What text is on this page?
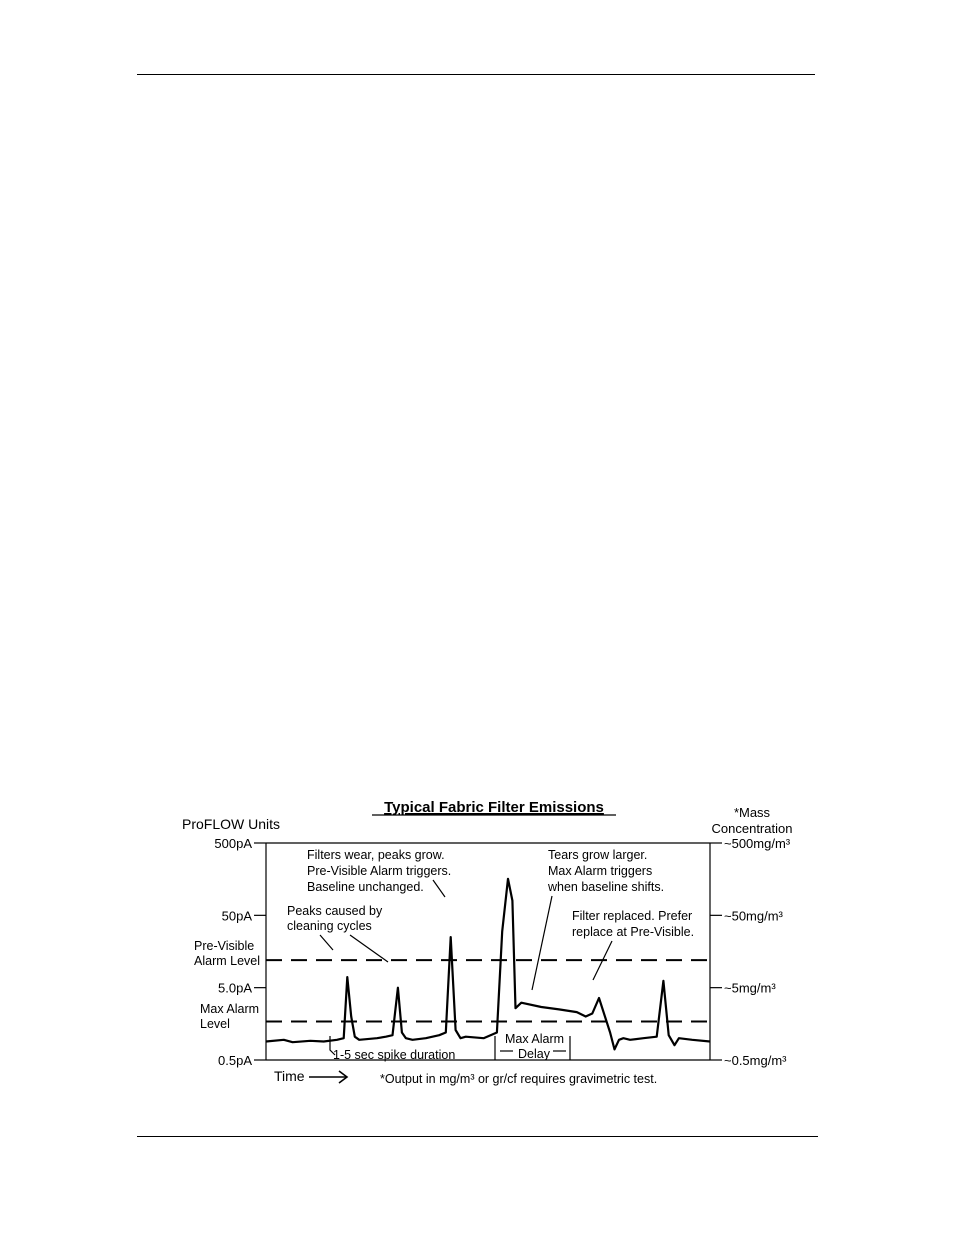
Typical Fabric Filter Emissions
ProFLOW Units
*Mass
Concentration
500pA
50pA
5.0pA
0.5pA
~500mg/m³
~50mg/m³
~5mg/m³
~0.5mg/m³
Pre-Visible
Alarm Level
Max Alarm
Level
Peaks caused by
cleaning cycles
Filters wear, peaks grow.
Pre-Visible Alarm triggers.
Baseline unchanged.
Tears grow larger.
Max Alarm triggers
when baseline shifts.
Filter replaced. Prefer
replace at Pre-Visible.
1-5 sec spike duration
Max Alarm
Delay
Time	*Output in mg/m³ or gr/cf requires gravimetric test.
